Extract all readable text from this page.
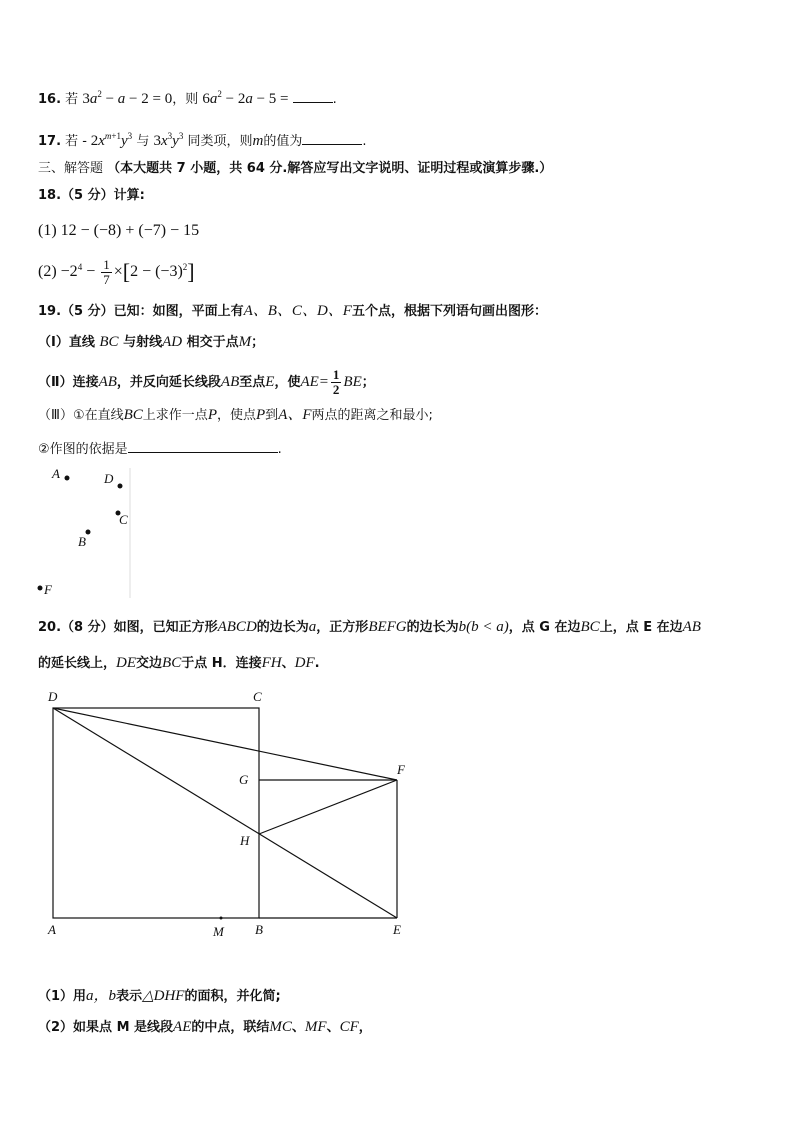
16. 若 $3a^2 - a - 2 = 0$，则 $6a^2 - 2a - 5$ =	.
17. 若 - $2x^{m+1}y^3$ 与 $3x^3y^3$ 同类项，则m的值为	.
三、解答题 （本大题共 7 小题，共 64 分.解答应写出文字说明、证明过程或演算步骤.）
18.（5 分）计算:
(1) 12 − (−8) + (−7) − 15
$(2) -2^4 - \frac{1}{7} \times[2 - (-3)^2]$
19.（5 分）已知：如图，平面上有A、B、C、D、F五个点，根据下列语句画出图形：
（Ⅰ）直线 BC 与射线AD 相交于点M；
（Ⅱ）连接AB，并反向延长线段AB至点E，使$AE= \frac{1}{2}$ BE；
（Ⅲ）①在直线BC上求作一点P，使点P到A、F两点的距离之和最小;
②作图的依据是	.
A	D
C
B
F
20.（8 分）如图，已知正方形ABCD的边长为a，正方形BEFG的边长为b(b < a)，点 G 在边BC上，点 E 在边AB
的延长线上，DE交边BC于点 H．连接FH、DF.
D	C
G
F
H
A	M B	E
（1）用a，b表示△DHF的面积，并化简;
（2）如果点 M 是线段AE的中点，联结MC、MF、CF，
